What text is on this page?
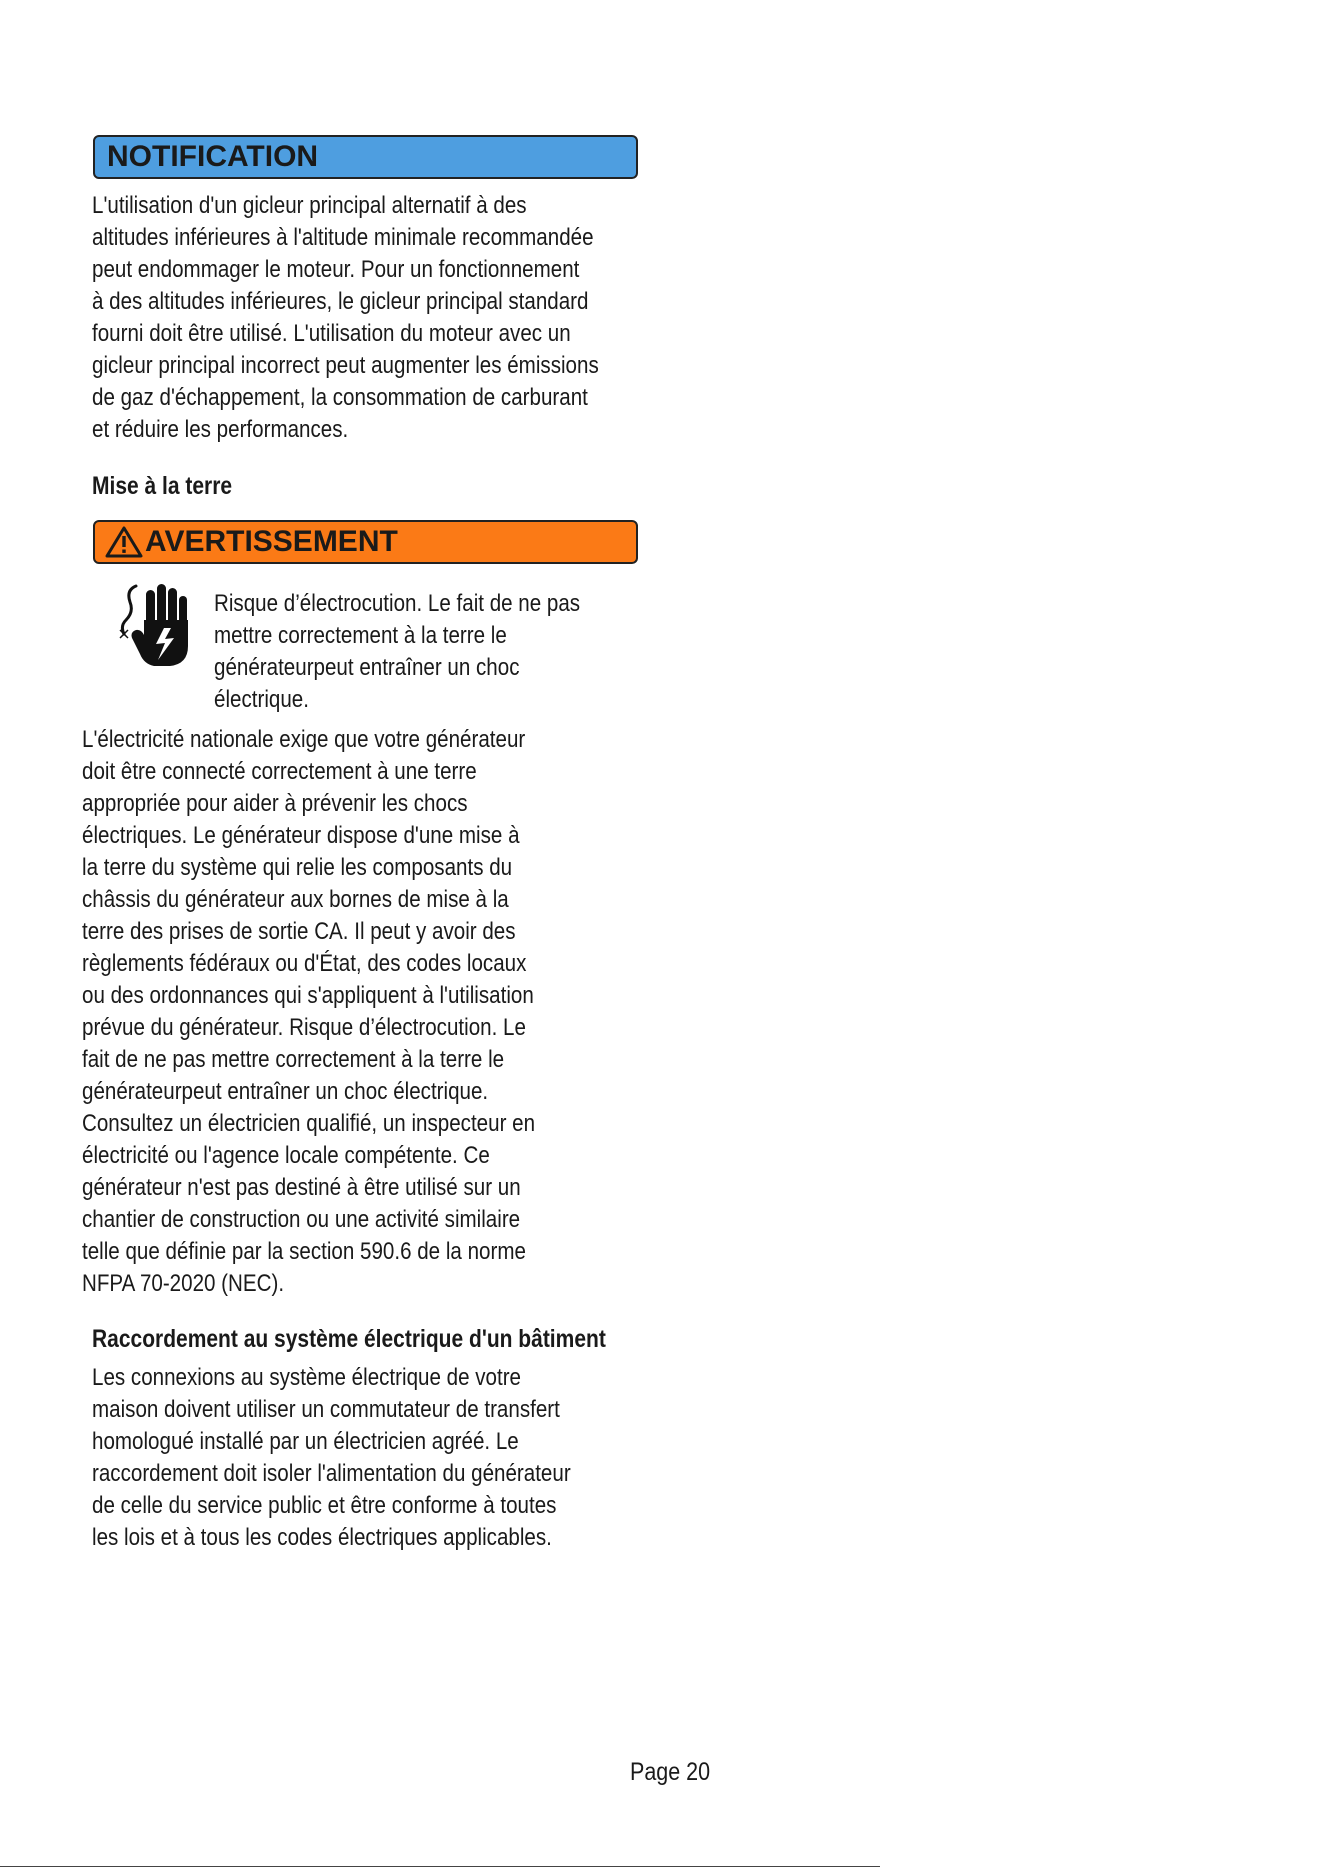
NOTIFICATION
L'utilisation d'un gicleur principal alternatif à des
altitudes inférieures à l'altitude minimale recommandée
peut endommager le moteur. Pour un fonctionnement
à des altitudes inférieures, le gicleur principal standard
fourni doit être utilisé. L'utilisation du moteur avec un
gicleur principal incorrect peut augmenter les émissions
de gaz d'échappement, la consommation de carburant
et réduire les performances.
Mise à la terre
AVERTISSEMENT
Risque d’électrocution. Le fait de ne pas
mettre correctement à la terre le
générateurpeut entraîner un choc
électrique.
L'électricité nationale exige que votre générateur
doit être connecté correctement à une terre
appropriée pour aider à prévenir les chocs
électriques. Le générateur dispose d'une mise à
la terre du système qui relie les composants du
châssis du générateur aux bornes de mise à la
terre des prises de sortie CA. Il peut y avoir des
règlements fédéraux ou d'État, des codes locaux
ou des ordonnances qui s'appliquent à l'utilisation
prévue du générateur. Risque d’électrocution. Le
fait de ne pas mettre correctement à la terre le
générateurpeut entraîner un choc électrique.
Consultez un électricien qualifié, un inspecteur en
électricité ou l'agence locale compétente. Ce
générateur n'est pas destiné à être utilisé sur un
chantier de construction ou une activité similaire
telle que définie par la section 590.6 de la norme
NFPA 70-2020 (NEC).
Raccordement au système électrique d'un bâtiment
Les connexions au système électrique de votre
maison doivent utiliser un commutateur de transfert
homologué installé par un électricien agréé. Le
raccordement doit isoler l'alimentation du générateur
de celle du service public et être conforme à toutes
les lois et à tous les codes électriques applicables.
Page 20
